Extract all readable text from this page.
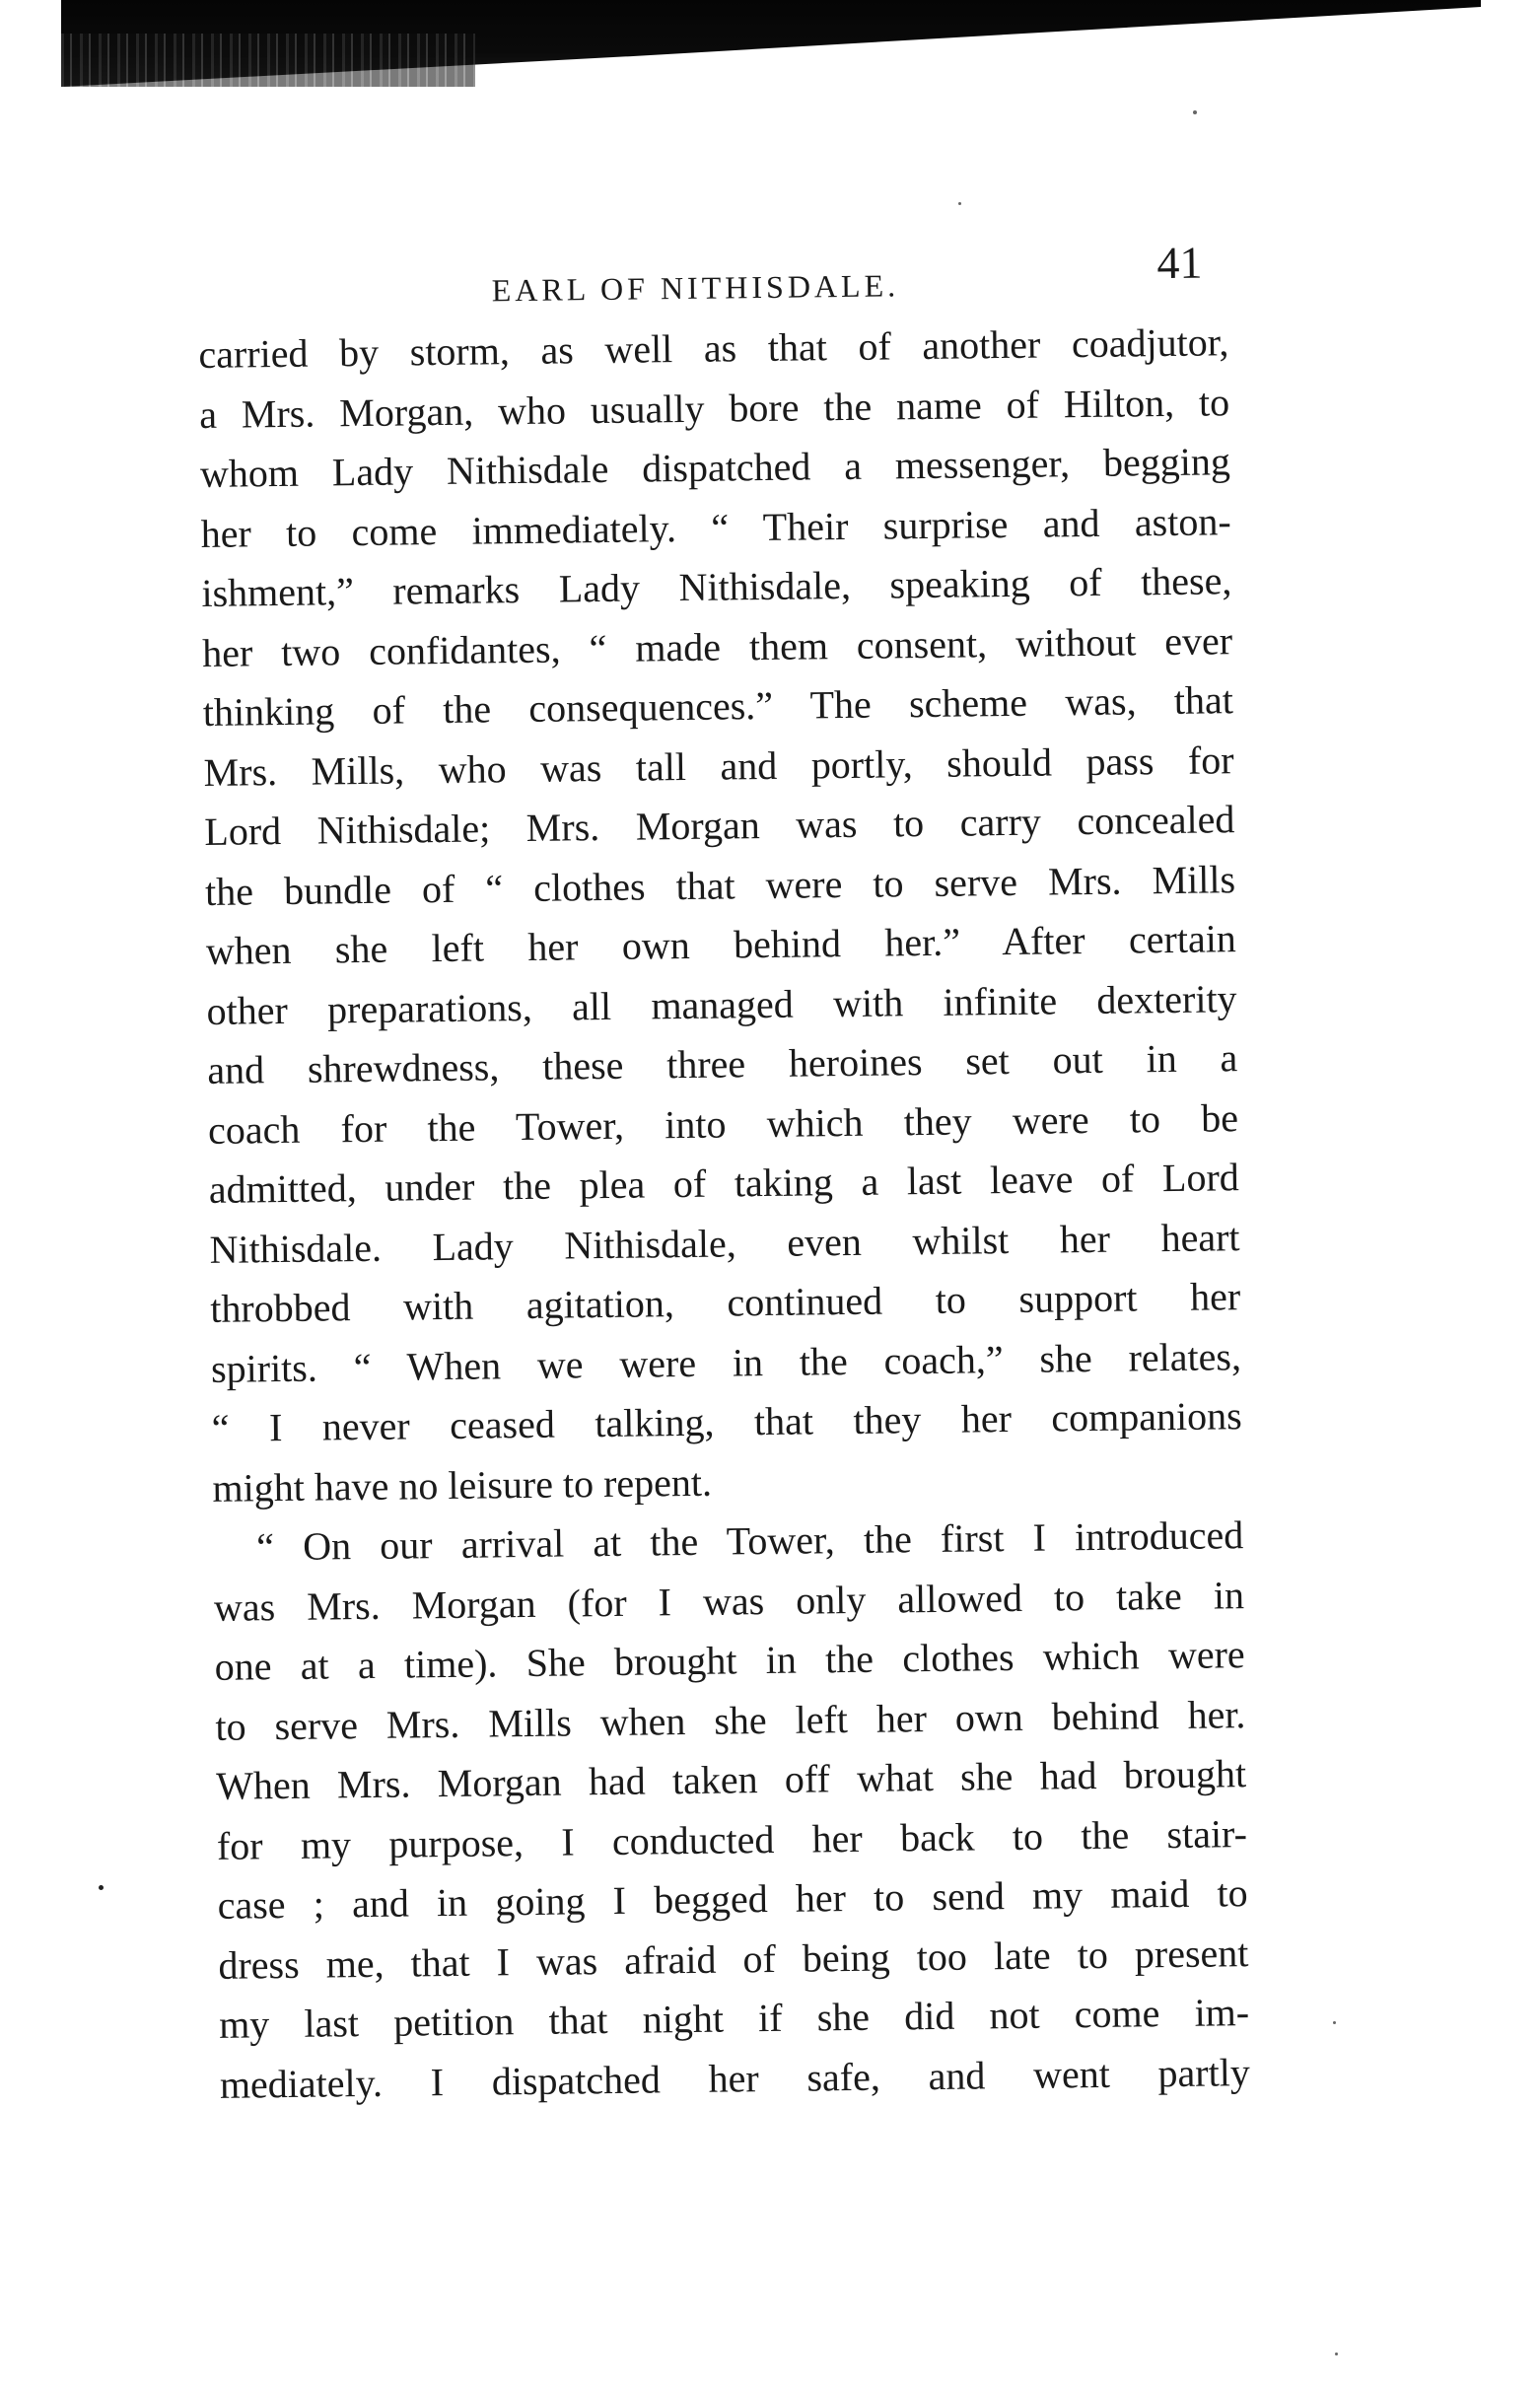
EARL OF NITHISDALE.	41
carried by storm, as well as that of another coadjutor,
a Mrs. Morgan, who usually bore the name of Hilton, to
whom Lady Nithisdale dispatched a messenger, begging
her to come immediately. “ Their surprise and aston-
ishment,” remarks Lady Nithisdale, speaking of these,
her two confidantes, “ made them consent, without ever
thinking of the consequences.” The scheme was, that
Mrs. Mills, who was tall and portly, should pass for
Lord Nithisdale; Mrs. Morgan was to carry concealed
the bundle of “ clothes that were to serve Mrs. Mills
when she left her own behind her.” After certain
other preparations, all managed with infinite dexterity
and shrewdness, these three heroines set out in a
coach for the Tower, into which they were to be
admitted, under the plea of taking a last leave of Lord
Nithisdale. Lady Nithisdale, even whilst her heart
throbbed with agitation, continued to support her
spirits. “ When we were in the coach,” she relates,
“ I never ceased talking, that they her companions
might have no leisure to repent.
“ On our arrival at the Tower, the first I introduced
was Mrs. Morgan (for I was only allowed to take in
one at a time). She brought in the clothes which were
to serve Mrs. Mills when she left her own behind her.
When Mrs. Morgan had taken off what she had brought
for my purpose, I conducted her back to the stair-
case ; and in going I begged her to send my maid to
dress me, that I was afraid of being too late to present
my last petition that night if she did not come im-
mediately. I dispatched her safe, and went partly
